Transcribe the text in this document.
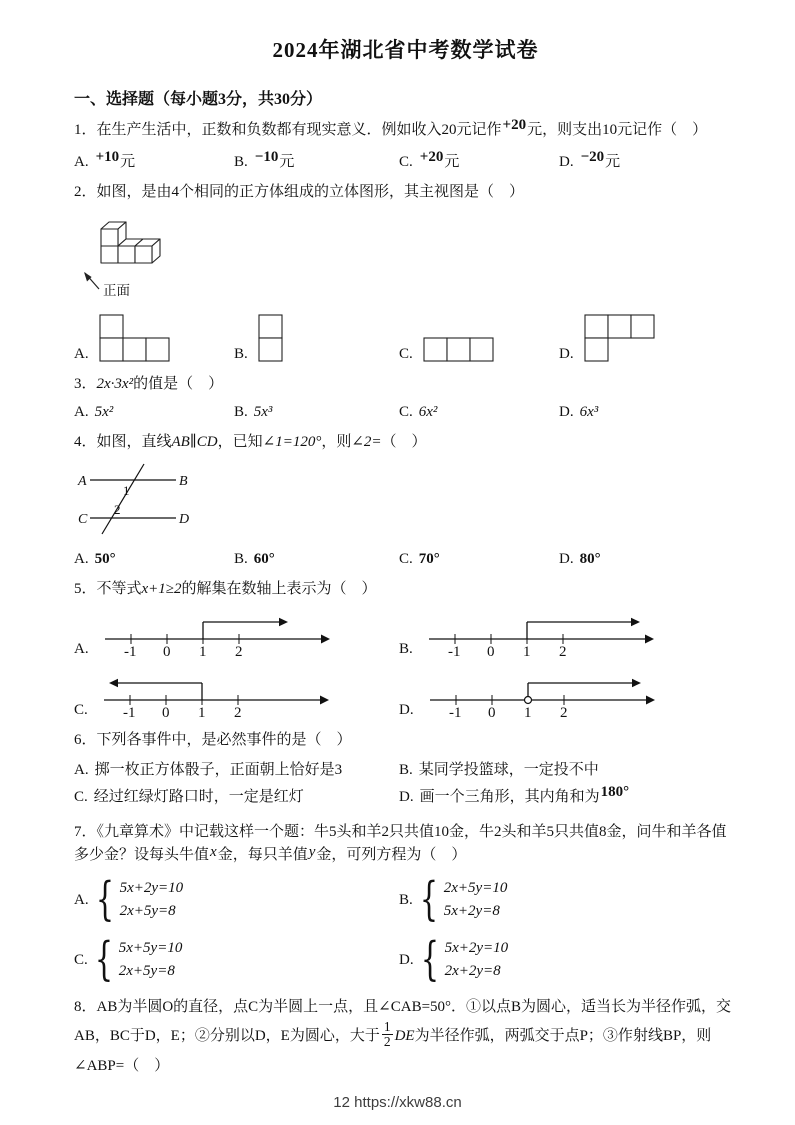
2024年湖北省中考数学试卷
一、选择题（每小题3分，共30分）

1．在生产生活中，正数和负数都有现实意义．例如收入20元记作+20元，则支出10元记作（　）

A. +10元	B. −10元	C. +20元	D. −20元

2．如图，是由4个相同的正方体组成的立体图形，其主视图是（　）

正面
A.	B.	C.	D.

3．2x·3x²的值是（　）

A. 5x²	B. 5x³	C. 6x²	D. 6x³

4．如图，直线AB∥CD，已知∠1=120°，则∠2=（　）

A	B
C	D
1
2
A. 50°	B. 60°	C. 70°	D. 80°

5．不等式x+1≥2的解集在数轴上表示为（　）

A. -1 0 1 2	B. -1 0 1 2
C. -1 0 1 2	D. -1 0 1 2

6．下列各事件中，是必然事件的是（　）

A. 掷一枚正方体骰子，正面朝上恰好是3	B. 某同学投篮球，一定投不中
C. 经过红绿灯路口时，一定是红灯	D. 画一个三角形，其内角和为180°

7．《九章算术》中记载这样一个题：牛5头和羊2只共值10金，牛2头和羊5只共值8金，问牛和羊各值多少金？设每头牛值x金，每只羊值y金，可列方程为（　）

A. { 5x+2y=10
2x+5y=8
B. { 2x+5y=10
5x+2y=8
C. { 5x+5y=10
2x+5y=8
D. { 5x+2y=10
2x+2y=8

8．AB为半圆O的直径，点C为半圆上一点，且∠CAB=50°．①以点B为圆心，适当长为半径作弧，交AB，BC于D，E；②分别以D，E为圆心，大于 $\frac{1}{2}$ DE为半径作弧，两弧交于点P；③作射线BP，则∠ABP=（　）

12 https://xkw88.cn
